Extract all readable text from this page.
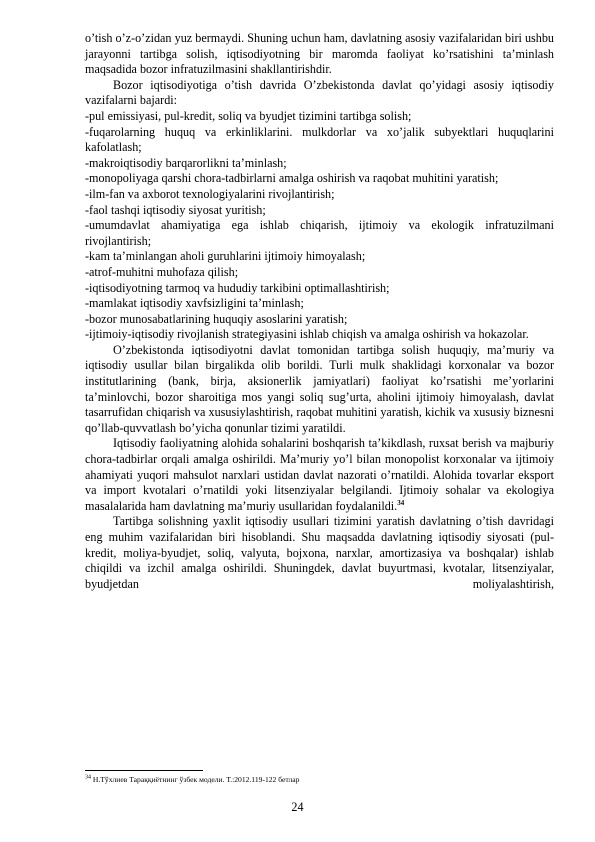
o’tish o’z-o’zidan yuz bermaydi. Shuning uchun ham, davlatning asosiy vazifalaridan biri ushbu jarayonni tartibga solish, iqtisodiyotning bir maromda faoliyat ko’rsatishini ta’minlash maqsadida bozor infratuzilmasini shakllantirishdir.

Bozor iqtisodiyotiga o’tish davrida O’zbekistonda davlat qo’yidagi asosiy iqtisodiy vazifalarni bajardi:

-pul emissiyasi, pul-kredit, soliq va byudjet tizimini tartibga solish;

-fuqarolarning huquq va erkinliklarini. mulkdorlar va xo’jalik subyektlari huquqlarini kafolatlash;

-makroiqtisodiy barqarorlikni ta’minlash;

-monopoliyaga qarshi chora-tadbirlarni amalga oshirish va raqobat muhitini yaratish;

-ilm-fan va axborot texnologiyalarini rivojlantirish;

-faol tashqi iqtisodiy siyosat yuritish;

-umumdavlat ahamiyatiga ega ishlab chiqarish, ijtimoiy va ekologik infratuzilmani rivojlantirish;

-kam ta’minlangan aholi guruhlarini ijtimoiy himoyalash;

-atrof-muhitni muhofaza qilish;

-iqtisodiyotning tarmoq va hududiy tarkibini optimallashtirish;

-mamlakat iqtisodiy xavfsizligini ta’minlash;

-bozor munosabatlarining huquqiy asoslarini yaratish;

-ijtimoiy-iqtisodiy rivojlanish strategiyasini ishlab chiqish va amalga oshirish va hokazolar.

O’zbekistonda iqtisodiyotni davlat tomonidan tartibga solish huquqiy, ma’muriy va iqtisodiy usullar bilan birgalikda olib borildi. Turli mulk shaklidagi korxonalar va bozor institutlarining (bank, birja, aksionerlik jamiyatlari) faoliyat ko’rsatishi me’yorlarini ta’minlovchi, bozor sharoitiga mos yangi soliq sug’urta, aholini ijtimoiy himoyalash, davlat tasarrufidan chiqarish va xususiylashtirish, raqobat muhitini yaratish, kichik va xususiy biznesni qo’llab-quvvatlash bo’yicha qonunlar tizimi yaratildi.

Iqtisodiy faoliyatning alohida sohalarini boshqarish ta’kikdlash, ruxsat berish va majburiy chora-tadbirlar orqali amalga oshirildi. Ma’muriy yo’l bilan monopolist korxonalar va ijtimoiy ahamiyati yuqori mahsulot narxlari ustidan davlat nazorati o’rnatildi. Alohida tovarlar eksport va import kvotalari o’rnatildi yoki litsenziyalar belgilandi. Ijtimoiy sohalar va ekologiya masalalarida ham davlatning ma’muriy usullaridan foydalanildi.$^{34}$

Tartibga solishning yaxlit iqtisodiy usullari tizimini yaratish davlatning o’tish davridagi eng muhim vazifalaridan biri hisoblandi. Shu maqsadda davlatning iqtisodiy siyosati (pul-kredit, moliya-byudjet, soliq, valyuta, bojxona, narxlar, amortizasiya va boshqalar) ishlab chiqildi va izchil amalga oshirildi. Shuningdek, davlat buyurtmasi, kvotalar, litsenziyalar, byudjetdan moliyalashtirish,

$^{34}$ Н.Тўхлиев Тараққиётнинг ўзбек модели. Т.:2012.119-122 бетлар
24
